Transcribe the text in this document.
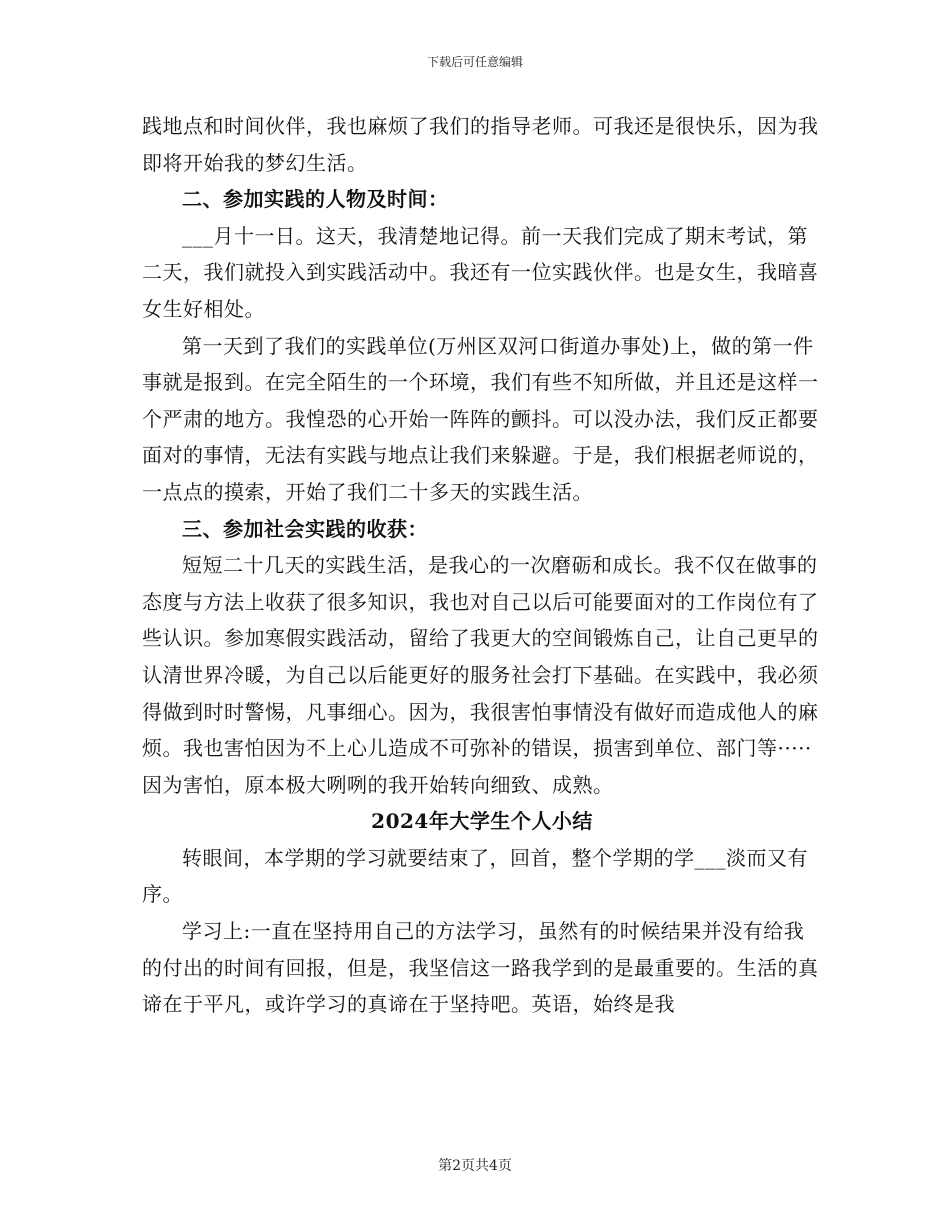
下载后可任意编辑

践地点和时间伙伴，我也麻烦了我们的指导老师。可我还是很快乐，因为我即将开始我的梦幻生活。

二、参加实践的人物及时间：

___月十一日。这天，我清楚地记得。前一天我们完成了期末考试，第二天，我们就投入到实践活动中。我还有一位实践伙伴。也是女生，我暗喜女生好相处。

第一天到了我们的实践单位(万州区双河口街道办事处)上，做的第一件事就是报到。在完全陌生的一个环境，我们有些不知所做，并且还是这样一个严肃的地方。我惶恐的心开始一阵阵的颤抖。可以没办法，我们反正都要面对的事情，无法有实践与地点让我们来躲避。于是，我们根据老师说的，一点点的摸索，开始了我们二十多天的实践生活。

三、参加社会实践的收获：

短短二十几天的实践生活，是我心的一次磨砺和成长。我不仅在做事的态度与方法上收获了很多知识，我也对自己以后可能要面对的工作岗位有了些认识。参加寒假实践活动，留给了我更大的空间锻炼自己，让自己更早的认清世界冷暖，为自己以后能更好的服务社会打下基础。在实践中，我必须得做到时时警惕，凡事细心。因为，我很害怕事情没有做好而造成他人的麻烦。我也害怕因为不上心儿造成不可弥补的错误，损害到单位、部门等·····因为害怕，原本极大咧咧的我开始转向细致、成熟。

2024年大学生个人小结

转眼间，本学期的学习就要结束了，回首，整个学期的学___淡而又有序。

学习上:一直在坚持用自己的方法学习，虽然有的时候结果并没有给我的付出的时间有回报，但是，我坚信这一路我学到的是最重要的。生活的真谛在于平凡，或许学习的真谛在于坚持吧。英语，始终是我

第2页共4页
